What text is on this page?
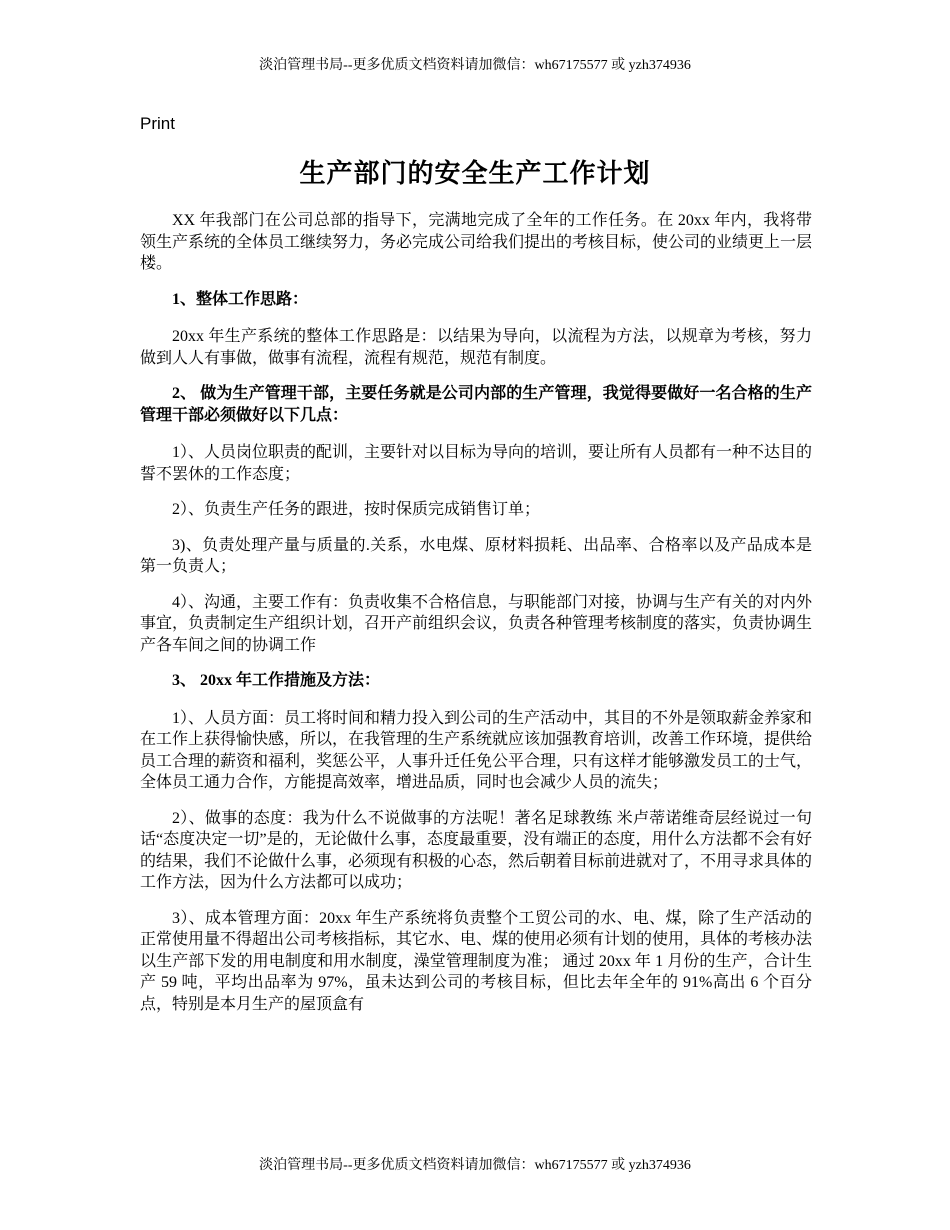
淡泊管理书局--更多优质文档资料请加微信：wh67175577 或 yzh374936
Print
生产部门的安全生产工作计划

XX 年我部门在公司总部的指导下，完满地完成了全年的工作任务。在 20xx 年内，我将带领生产系统的全体员工继续努力，务必完成公司给我们提出的考核目标，使公司的业绩更上一层楼。

1、整体工作思路：

20xx 年生产系统的整体工作思路是：以结果为导向，以流程为方法，以规章为考核，努力做到人人有事做，做事有流程，流程有规范，规范有制度。

2、 做为生产管理干部，主要任务就是公司内部的生产管理，我觉得要做好一名合格的生产管理干部必须做好以下几点：

1）、人员岗位职责的配训，主要针对以目标为导向的培训，要让所有人员都有一种不达目的誓不罢休的工作态度；

2）、负责生产任务的跟进，按时保质完成销售订单；

3)、负责处理产量与质量的.关系，水电煤、原材料损耗、出品率、合格率以及产品成本是第一负责人；

4）、沟通，主要工作有：负责收集不合格信息，与职能部门对接，协调与生产有关的对内外事宜，负责制定生产组织计划，召开产前组织会议，负责各种管理考核制度的落实，负责协调生产各车间之间的协调工作

3、 20xx 年工作措施及方法：

1）、人员方面：员工将时间和精力投入到公司的生产活动中，其目的不外是领取薪金养家和在工作上获得愉快感，所以，在我管理的生产系统就应该加强教育培训，改善工作环境，提供给员工合理的薪资和福利，奖惩公平，人事升迁任免公平合理，只有这样才能够激发员工的士气，全体员工通力合作，方能提高效率，增进品质，同时也会减少人员的流失；

2）、做事的态度：我为什么不说做事的方法呢！著名足球教练 米卢蒂诺维奇层经说过一句话“态度决定一切”是的，无论做什么事，态度最重要，没有端正的态度，用什么方法都不会有好的结果，我们不论做什么事，必须现有积极的心态，然后朝着目标前进就对了，不用寻求具体的工作方法，因为什么方法都可以成功；

3）、成本管理方面：20xx 年生产系统将负责整个工贸公司的水、电、煤，除了生产活动的正常使用量不得超出公司考核指标，其它水、电、煤的使用必须有计划的使用，具体的考核办法以生产部下发的用电制度和用水制度，澡堂管理制度为准； 通过 20xx 年 1 月份的生产，合计生产 59 吨，平均出品率为 97%，虽未达到公司的考核目标，但比去年全年的 91%高出 6 个百分点，特别是本月生产的屋顶盒有

淡泊管理书局--更多优质文档资料请加微信：wh67175577 或 yzh374936
